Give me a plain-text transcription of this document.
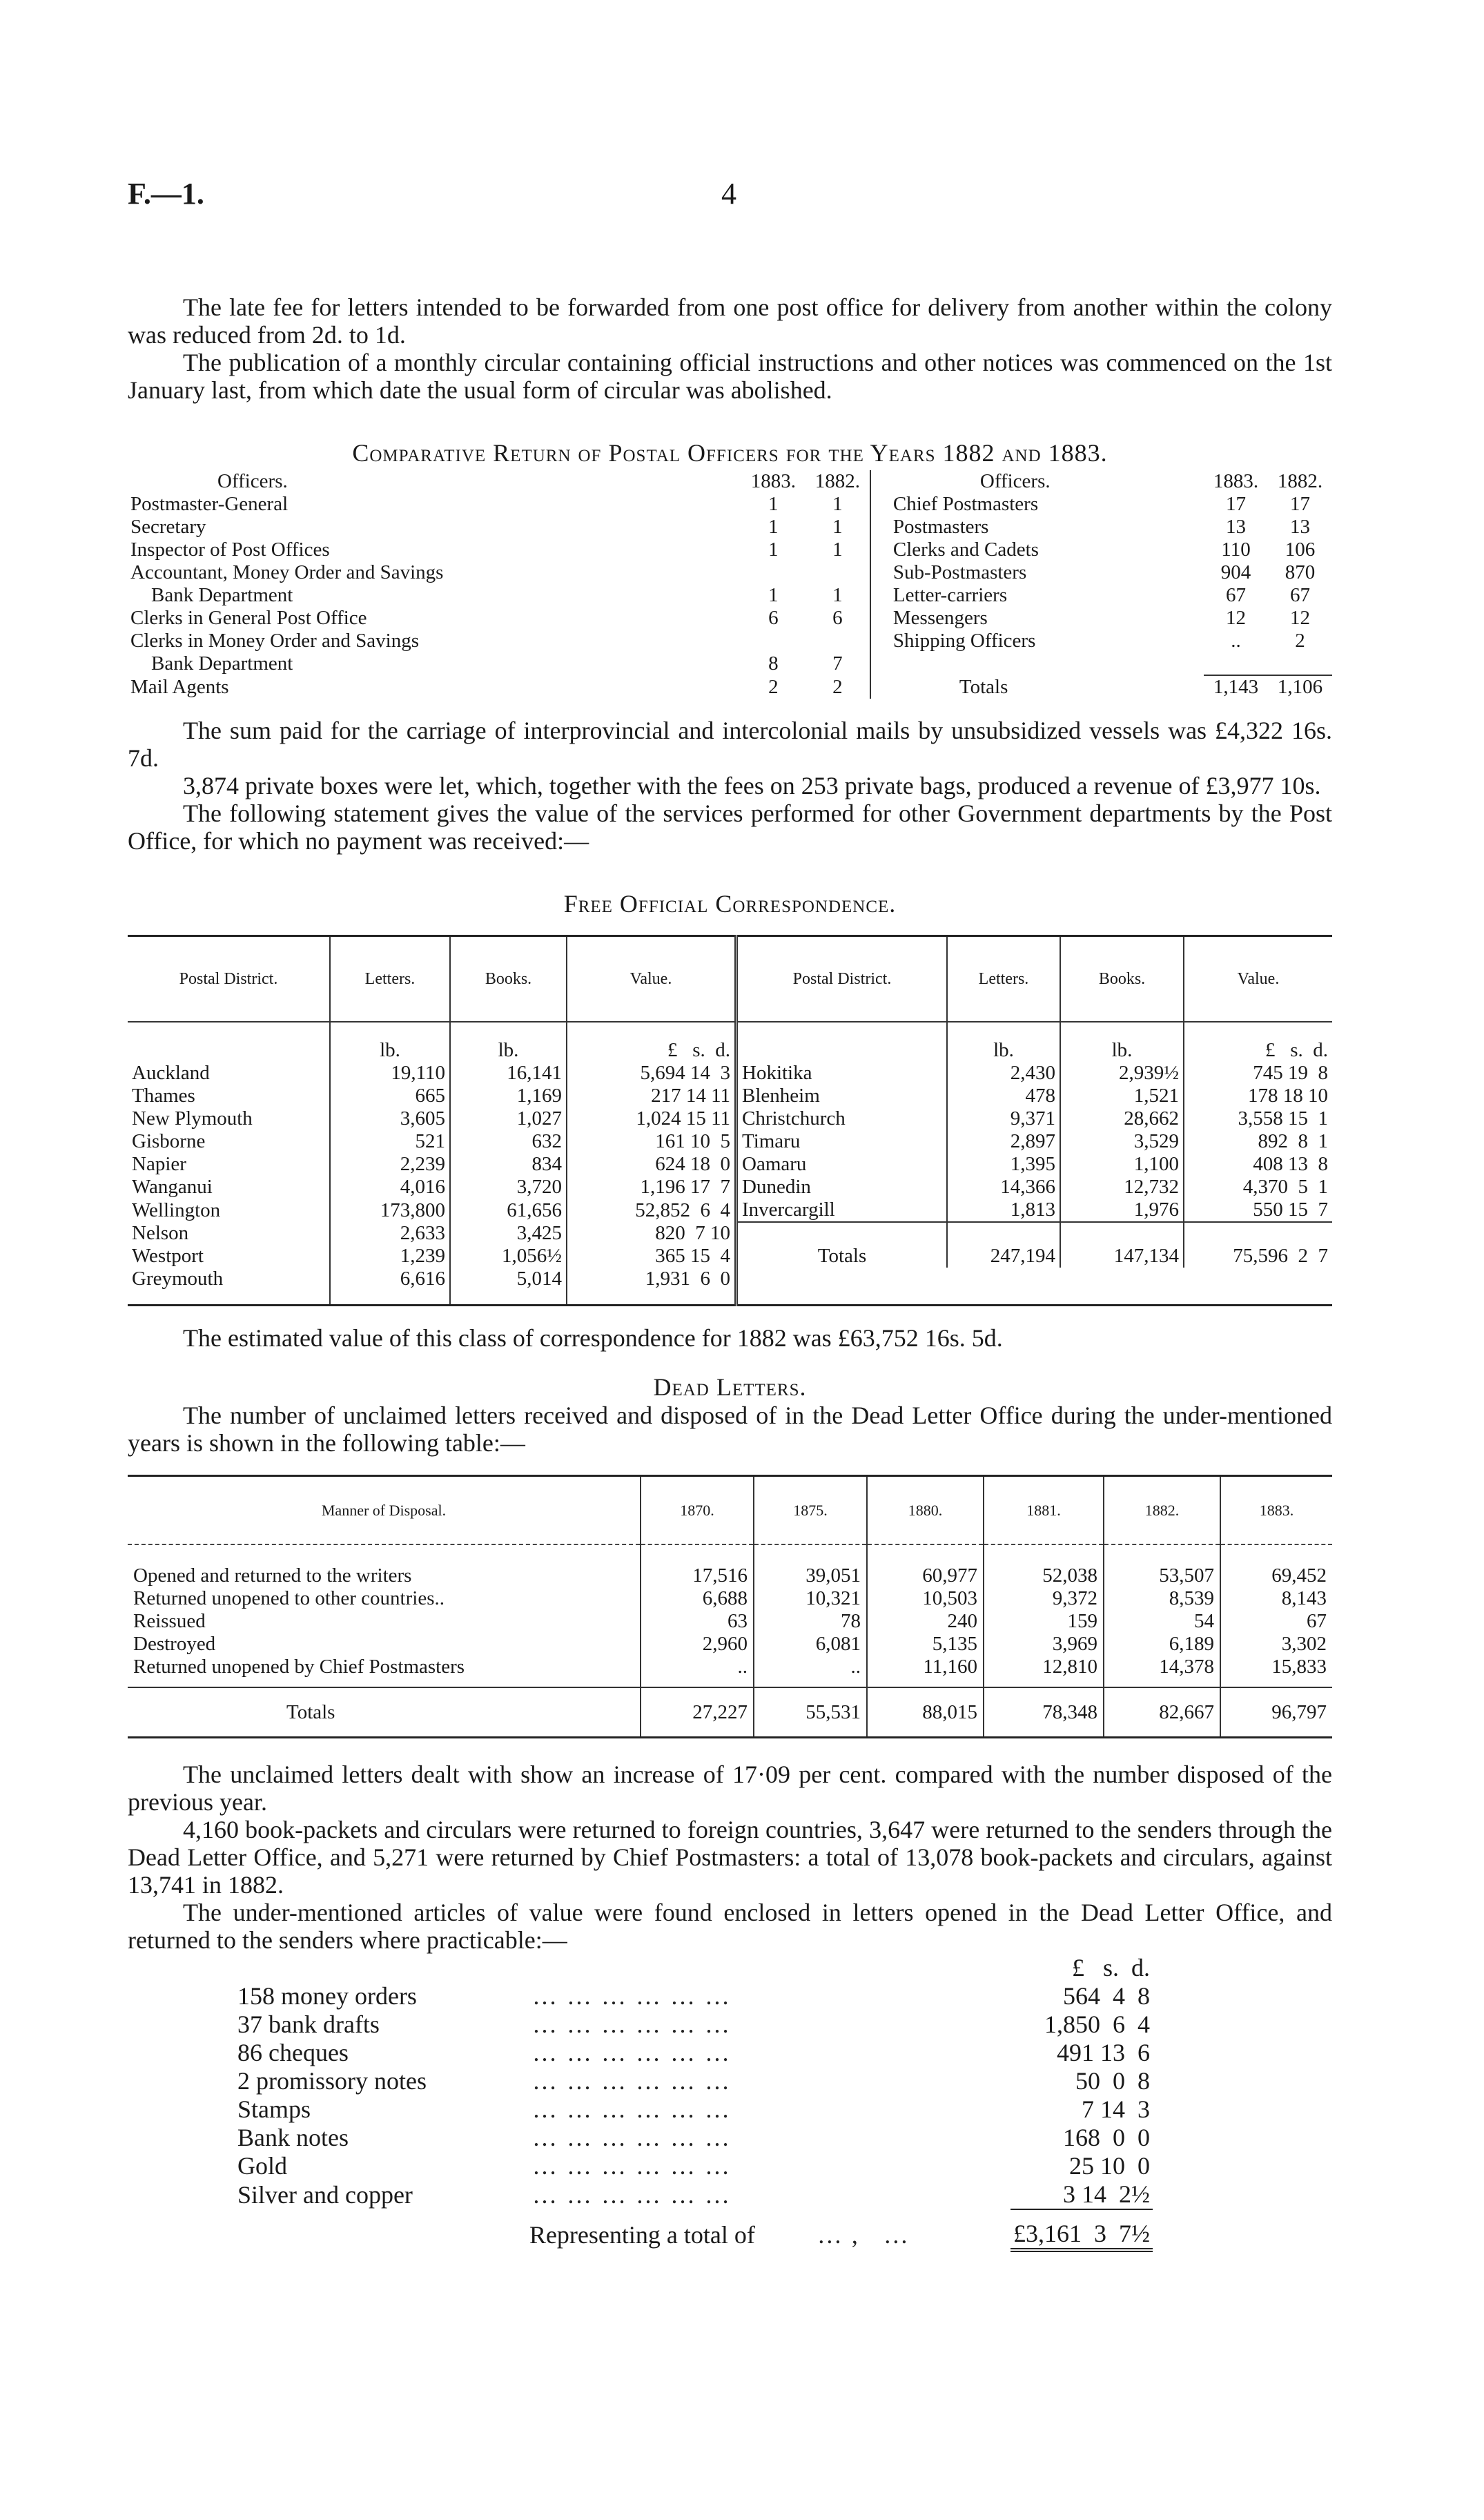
F.—1.	4

The late fee for letters intended to be forwarded from one post office for delivery from another within the colony was reduced from 2d. to 1d.

The publication of a monthly circular containing official instructions and other notices was commenced on the 1st January last, from which date the usual form of circular was abolished.

Comparative Return of Postal Officers for the Years 1882 and 1883.
Officers.	1883.	1882.		Officers.	1883.	1882.
Postmaster-General	1	1		Chief Postmasters	17	17
Secretary	1	1		Postmasters	13	13
Inspector of Post Offices	1	1		Clerks and Cadets	110	106
Accountant, Money Order and Savings				Sub-Postmasters	904	870
Bank Department	1	1		Letter-carriers	67	67
Clerks in General Post Office	6	6		Messengers	12	12
Clerks in Money Order and Savings				Shipping Officers	..	2
Bank Department	8	7				
Mail Agents	2	2		Totals	1,143	1,106

The sum paid for the carriage of interprovincial and intercolonial mails by unsubsidized vessels was £4,322 16s. 7d.

3,874 private boxes were let, which, together with the fees on 253 private bags, produced a revenue of £3,977 10s.

The following statement gives the value of the services performed for other Government departments by the Post Office, for which no payment was received:—

Free Official Correspondence.
Postal District.	Letters.	Books.	Value.	Postal District.	Letters.	Books.	Value.
	lb.	lb.	£   s.  d.		lb.	lb.	£   s.  d.
Auckland	19,110	16,141	5,694 14  3	Hokitika	2,430	2,939½	745 19  8
Thames	665	1,169	217 14 11	Blenheim	478	1,521	178 18 10
New Plymouth	3,605	1,027	1,024 15 11	Christchurch	9,371	28,662	3,558 15  1
Gisborne	521	632	161 10  5	Timaru	2,897	3,529	892  8  1
Napier	2,239	834	624 18  0	Oamaru	1,395	1,100	408 13  8
Wanganui	4,016	3,720	1,196 17  7	Dunedin	14,366	12,732	4,370  5  1
Wellington	173,800	61,656	52,852  6  4	Invercargill	1,813	1,976	550 15  7
Nelson	2,633	3,425	820  7 10				
Westport	1,239	1,056½	365 15  4	Totals	247,194	147,134	75,596  2  7
Greymouth	6,616	5,014	1,931  6  0				

The estimated value of this class of correspondence for 1882 was £63,752 16s. 5d.

Dead Letters.

The number of unclaimed letters received and disposed of in the Dead Letter Office during the under-mentioned years is shown in the following table:—

Manner of Disposal.	1870.	1875.	1880.	1881.	1882.	1883.
Opened and returned to the writers	17,516	39,051	60,977	52,038	53,507	69,452
Returned unopened to other countries..	6,688	10,321	10,503	9,372	8,539	8,143
Reissued	63	78	240	159	54	67
Destroyed	2,960	6,081	5,135	3,969	6,189	3,302
Returned unopened by Chief Postmasters	..	..	11,160	12,810	14,378	15,833
Totals	27,227	55,531	88,015	78,348	82,667	96,797

The unclaimed letters dealt with show an increase of 17·09 per cent. compared with the number disposed of the previous year.

4,160 book-packets and circulars were returned to foreign countries, 3,647 were returned to the senders through the Dead Letter Office, and 5,271 were returned by Chief Postmasters: a total of 13,078 book-packets and circulars, against 13,741 in 1882.

The under-mentioned articles of value were found enclosed in letters opened in the Dead Letter Office, and returned to the senders where practicable:—

		£   s.  d.
158 money orders	………………	564  4  8
37 bank drafts	………………	1,850  6  4
86 cheques	………………	491 13  6
2 promissory notes	………………	50  0  8
Stamps	………………	7 14  3
Bank notes	………………	168  0  0
Gold	………………	25 10  0
Silver and copper	………………	3 14  2½

	Representing a total of …, …	£3,161  3  7½
